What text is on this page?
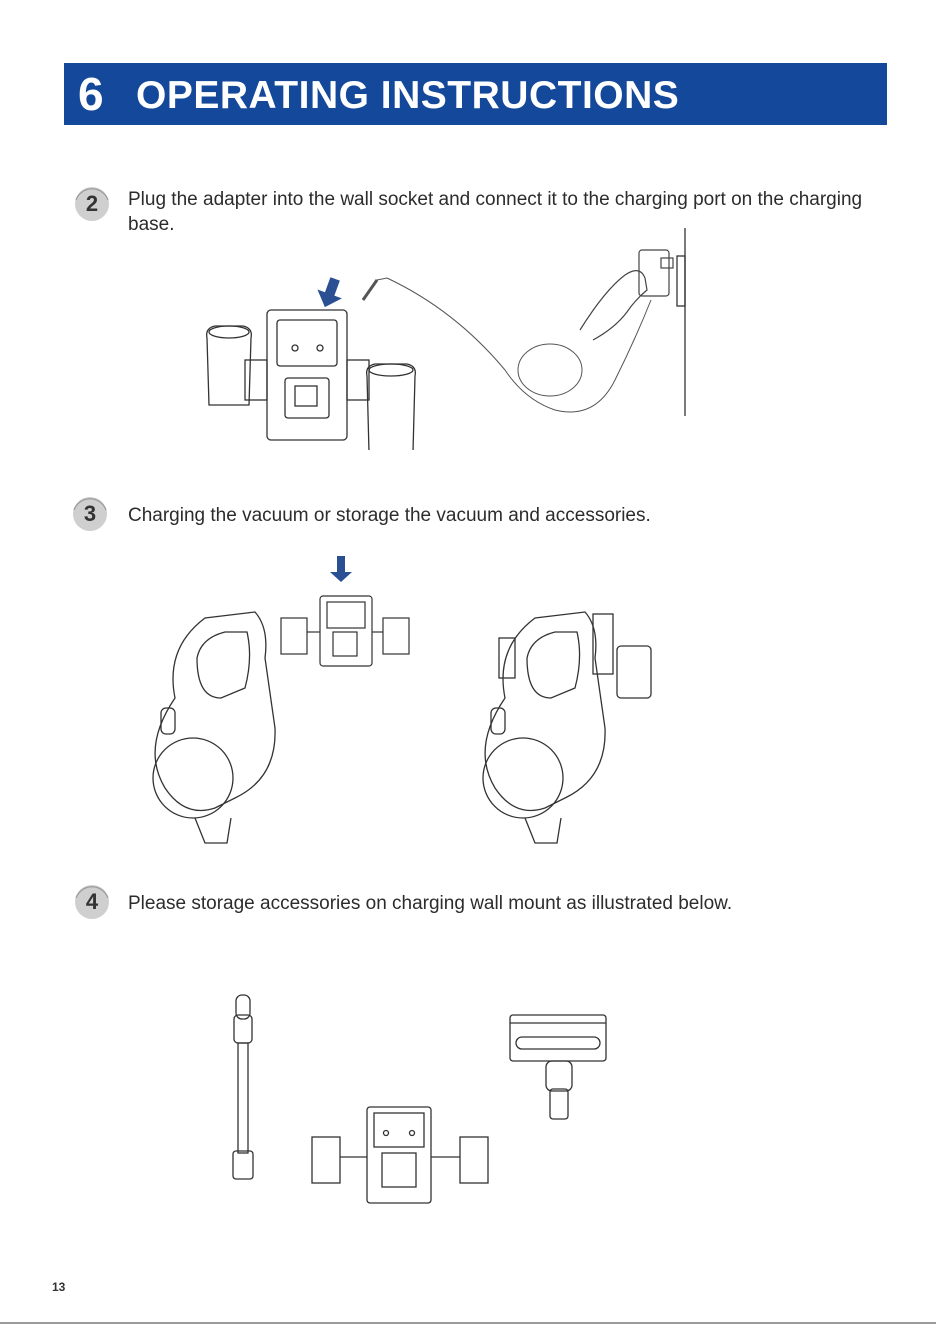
6 OPERATING INSTRUCTIONS
2	Plug the adapter into the wall socket and connect it to the charging port on the charging base.
3	Charging the vacuum or storage the vacuum and accessories.
4	Please storage accessories on charging wall mount as illustrated below.
13
